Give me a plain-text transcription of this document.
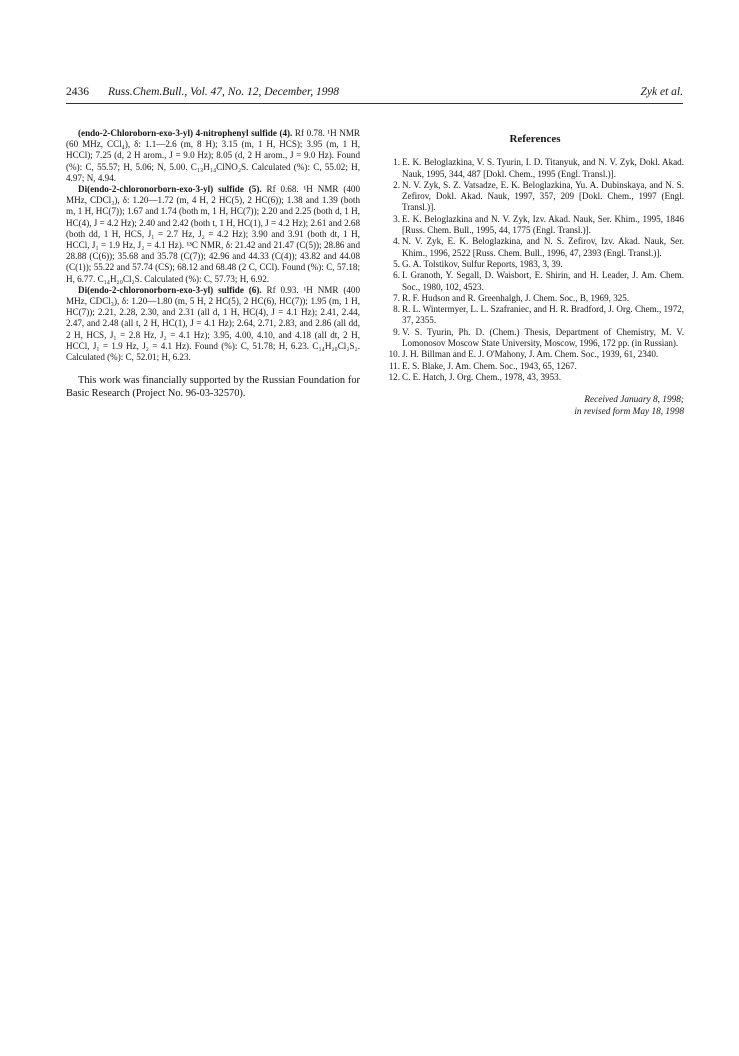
2436 Russ.Chem.Bull., Vol. 47, No. 12, December, 1998	Zyk et al.

(endo-2-Chloroborn-exo-3-yl) 4-nitrophenyl sulfide (4). Rf 0.78. ¹H NMR (60 MHz, CCl₄), δ: 1.1—2.6 (m, 8 H); 3.15 (m, 1 H, HCS); 3.95 (m, 1 H, HCCl); 7.25 (d, 2 H arom., J = 9.0 Hz); 8.05 (d, 2 H arom., J = 9.0 Hz). Found (%): C, 55.57; H, 5.06; N, 5.00. C₁₃H₁₄ClNO₂S. Calculated (%): C, 55.02; H, 4.97; N, 4.94.

Di(endo-2-chloronorborn-exo-3-yl) sulfide (5). Rf 0.68. ¹H NMR (400 MHz, CDCl₃), δ: 1.20—1.72 (m, 4 H, 2 HC(5), 2 HC(6)); 1.38 and 1.39 (both m, 1 H, HC(7)); 1.67 and 1.74 (both m, 1 H, HC(7)); 2.20 and 2.25 (both d, 1 H, HC(4), J = 4.2 Hz); 2.40 and 2.42 (both t, 1 H, HC(1), J = 4.2 Hz); 2.61 and 2.68 (both dd, 1 H, HCS, J₁ = 2.7 Hz, J₂ = 4.2 Hz); 3.90 and 3.91 (both dt, 1 H, HCCl, J₁ = 1.9 Hz, J₂ = 4.1 Hz). ¹³C NMR, δ: 21.42 and 21.47 (C(5)); 28.86 and 28.88 (C(6)); 35.68 and 35.78 (C(7)); 42.96 and 44.33 (C(4)); 43.82 and 44.08 (C(1)); 55.22 and 57.74 (CS); 68.12 and 68.48 (2 C, CCl). Found (%): C, 57.18; H, 6.77. C₁₄H₂₀Cl₂S. Calculated (%): C, 57.73; H, 6.92.

Di(endo-2-chloronorborn-exo-3-yl) sulfide (6). Rf 0.93. ¹H NMR (400 MHz, CDCl₃), δ: 1.20—1.80 (m, 5 H, 2 HC(5), 2 HC(6), HC(7)); 1.95 (m, 1 H, HC(7)); 2.21, 2.28, 2.30, and 2.31 (all d, 1 H, HC(4), J = 4.1 Hz); 2.41, 2.44, 2.47, and 2.48 (all t, 2 H, HC(1), J = 4.1 Hz); 2.64, 2.71, 2.83, and 2.86 (all dd, 2 H, HCS, J₁ = 2.8 Hz, J₂ = 4.1 Hz); 3.95, 4.00, 4.10, and 4.18 (all dt, 2 H, HCCl, J₁ = 1.9 Hz, J₂ = 4.1 Hz). Found (%): C, 51.78; H, 6.23. C₁₄H₂₀Cl₂S₂. Calculated (%): C, 52.01; H, 6.23.

This work was financially supported by the Russian Foundation for Basic Research (Project No. 96-03-32570).

References
1. E. K. Beloglazkina, V. S. Tyurin, I. D. Titanyuk, and N. V. Zyk, Dokl. Akad. Nauk, 1995, 344, 487 [Dokl. Chem., 1995 (Engl. Transl.)].
2. N. V. Zyk, S. Z. Vatsadze, E. K. Beloglazkina, Yu. A. Dubinskaya, and N. S. Zefirov, Dokl. Akad. Nauk, 1997, 357, 209 [Dokl. Chem., 1997 (Engl. Transl.)].
3. E. K. Beloglazkina and N. V. Zyk, Izv. Akad. Nauk, Ser. Khim., 1995, 1846 [Russ. Chem. Bull., 1995, 44, 1775 (Engl. Transl.)].
4. N. V. Zyk, E. K. Beloglazkina, and N. S. Zefirov, Izv. Akad. Nauk, Ser. Khim., 1996, 2522 [Russ. Chem. Bull., 1996, 47, 2393 (Engl. Transl.)].
5. G. A. Tolstikov, Sulfur Reports, 1983, 3, 39.
6. I. Granoth, Y. Segall, D. Waisbort, E. Shirin, and H. Leader, J. Am. Chem. Soc., 1980, 102, 4523.
7. R. F. Hudson and R. Greenhalgh, J. Chem. Soc., B, 1969, 325.
8. R. L. Wintermyer, L. L. Szafraniec, and H. R. Bradford, J. Org. Chem., 1972, 37, 2355.
9. V. S. Tyurin, Ph. D. (Chem.) Thesis, Department of Chemistry, M. V. Lomonosov Moscow State University, Moscow, 1996, 172 pp. (in Russian).
10. J. H. Billman and E. J. O'Mahony, J. Am. Chem. Soc., 1939, 61, 2340.
11. E. S. Blake, J. Am. Chem. Soc., 1943, 65, 1267.
12. C. E. Hatch, J. Org. Chem., 1978, 43, 3953.
Received January 8, 1998;
in revised form May 18, 1998
